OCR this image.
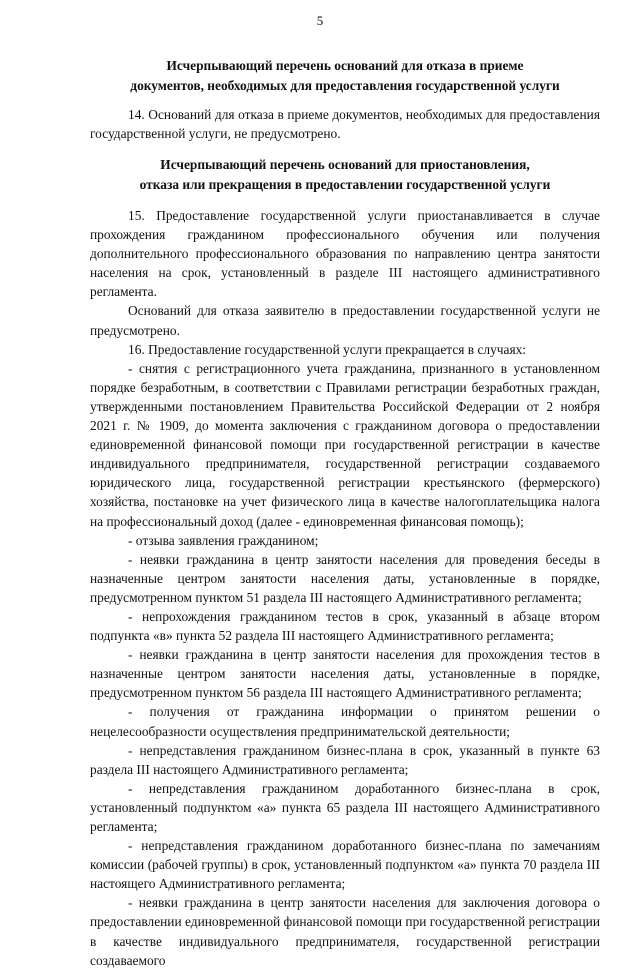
5
Исчерпывающий перечень оснований для отказа в приеме
документов, необходимых для предоставления государственной услуги

14. Оснований для отказа в приеме документов, необходимых для предоставления государственной услуги, не предусмотрено.

Исчерпывающий перечень оснований для приостановления,
отказа или прекращения в предоставлении государственной услуги

15. Предоставление государственной услуги приостанавливается в случае прохождения гражданином профессионального обучения или получения дополнительного профессионального образования по направлению центра занятости населения на срок, установленный в разделе III настоящего административного регламента.

Оснований для отказа заявителю в предоставлении государственной услуги не предусмотрено.

16. Предоставление государственной услуги прекращается в случаях:

- снятия с регистрационного учета гражданина, признанного в установленном порядке безработным, в соответствии с Правилами регистрации безработных граждан, утвержденными постановлением Правительства Российской Федерации от 2 ноября 2021 г. № 1909, до момента заключения с гражданином договора о предоставлении единовременной финансовой помощи при государственной регистрации в качестве индивидуального предпринимателя, государственной регистрации создаваемого юридического лица, государственной регистрации крестьянского (фермерского) хозяйства, постановке на учет физического лица в качестве налогоплательщика налога на профессиональный доход (далее - единовременная финансовая помощь);

- отзыва заявления гражданином;

- неявки гражданина в центр занятости населения для проведения беседы в назначенные центром занятости населения даты, установленные в порядке, предусмотренном пунктом 51 раздела III настоящего Административного регламента;

- непрохождения гражданином тестов в срок, указанный в абзаце втором подпункта «в» пункта 52 раздела III настоящего Административного регламента;

- неявки гражданина в центр занятости населения для прохождения тестов в назначенные центром занятости населения даты, установленные в порядке, предусмотренном пунктом 56 раздела III настоящего Административного регламента;

- получения от гражданина информации о принятом решении о нецелесообразности осуществления предпринимательской деятельности;

- непредставления гражданином бизнес-плана в срок, указанный в пункте 63 раздела III настоящего Административного регламента;

- непредставления гражданином доработанного бизнес-плана в срок, установленный подпунктом «а» пункта 65 раздела III настоящего Административного регламента;

- непредставления гражданином доработанного бизнес-плана по замечаниям комиссии (рабочей группы) в срок, установленный подпунктом «а» пункта 70 раздела III настоящего Административного регламента;

- неявки гражданина в центр занятости населения для заключения договора о предоставлении единовременной финансовой помощи при государственной регистрации в качестве индивидуального предпринимателя, государственной регистрации создаваемого
